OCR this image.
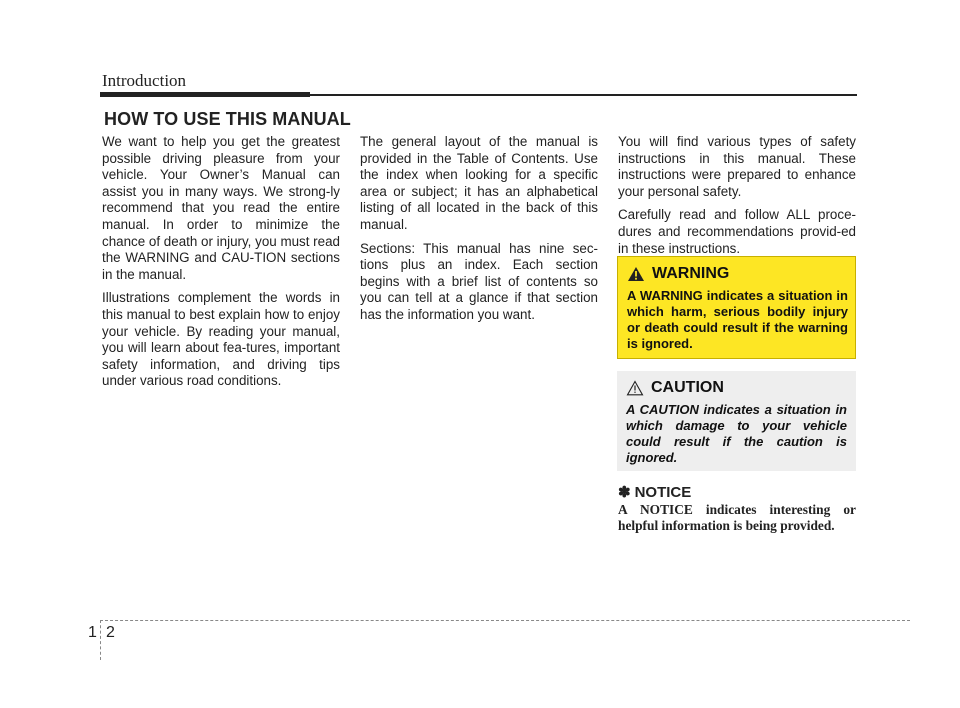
Introduction
HOW TO USE THIS MANUAL

We want to help you get the greatest possible driving pleasure from your vehicle. Your Owner’s Manual can assist you in many ways. We strong-ly recommend that you read the entire manual. In order to minimize the chance of death or injury, you must read the WARNING and CAU-TION sections in the manual.

Illustrations complement the words in this manual to best explain how to enjoy your vehicle. By reading your manual, you will learn about fea-tures, important safety information, and driving tips under various road conditions.

The general layout of the manual is provided in the Table of Contents. Use the index when looking for a specific area or subject; it has an alphabetical listing of all located in the back of this manual.

Sections: This manual has nine sec-tions plus an index. Each section begins with a brief list of contents so you can tell at a glance if that section has the information you want.

You will find various types of safety instructions in this manual. These instructions were prepared to enhance your personal safety.

Carefully read and follow ALL proce-dures and recommendations provid-ed in these instructions.

WARNING
A WARNING indicates a situation in which harm, serious bodily injury or death could result if the warning is ignored.
CAUTION
A CAUTION indicates a situation in which damage to your vehicle could result if the caution is ignored.
✽ NOTICE
A NOTICE indicates interesting or helpful information is being provided.
1 2
